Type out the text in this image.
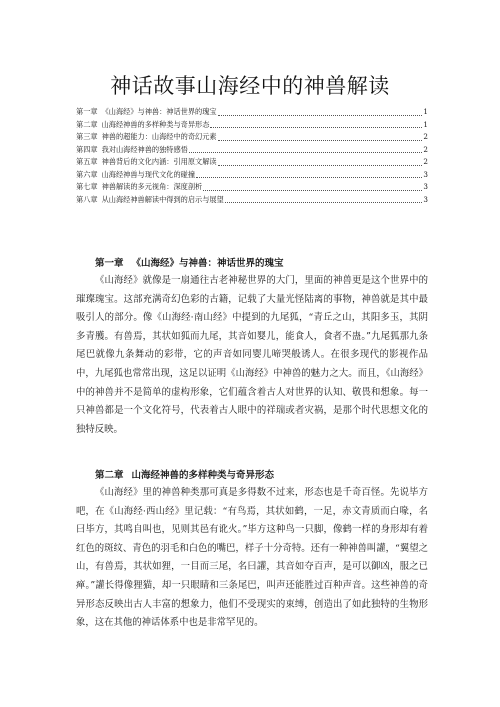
神话故事山海经中的神兽解读
第一章 《山海经》与神兽：神话世界的瑰宝	1
第二章 山海经神兽的多样种类与奇异形态	1
第三章 神兽的超能力：山海经中的奇幻元素	2
第四章 我对山海经神兽的独特感悟	2
第五章 神兽背后的文化内涵：引用原文解读	2
第六章 山海经神兽与现代文化的碰撞	3
第七章 神兽解读的多元视角：深度剖析	3
第八章 从山海经神兽解读中得到的启示与展望	3
第一章 《山海经》与神兽：神话世界的瑰宝

《山海经》就像是一扇通往古老神秘世界的大门，里面的神兽更是这个世界中的璀璨瑰宝。这部充满奇幻色彩的古籍，记载了大量光怪陆离的事物，神兽就是其中最吸引人的部分。像《山海经·南山经》中提到的九尾狐，“青丘之山，其阳多玉，其阴多青雘。有兽焉，其状如狐而九尾，其音如婴儿，能食人，食者不蛊。”九尾狐那九条尾巴就像九条舞动的彩带，它的声音如同婴儿啼哭般诱人。在很多现代的影视作品中，九尾狐也常常出现，这足以证明《山海经》中神兽的魅力之大。而且，《山海经》中的神兽并不是简单的虚构形象，它们蕴含着古人对世界的认知、敬畏和想象。每一只神兽都是一个文化符号，代表着古人眼中的祥瑞或者灾祸，是那个时代思想文化的独特反映。

第二章 山海经神兽的多样种类与奇异形态

《山海经》里的神兽种类那可真是多得数不过来，形态也是千奇百怪。先说毕方吧，在《山海经·西山经》里记载：“有鸟焉，其状如鹤，一足，赤文青质而白喙，名曰毕方，其鸣自叫也，见则其邑有讹火。”毕方这种鸟一只脚，像鹤一样的身形却有着红色的斑纹、青色的羽毛和白色的嘴巴，样子十分奇特。还有一种神兽叫讙，“翼望之山，有兽焉，其状如狸，一目而三尾，名曰讙，其音如夺百声，是可以御凶，服之已瘅。”讙长得像狸猫，却一只眼睛和三条尾巴，叫声还能胜过百种声音。这些神兽的奇异形态反映出古人丰富的想象力，他们不受现实的束缚，创造出了如此独特的生物形象，这在其他的神话体系中也是非常罕见的。
